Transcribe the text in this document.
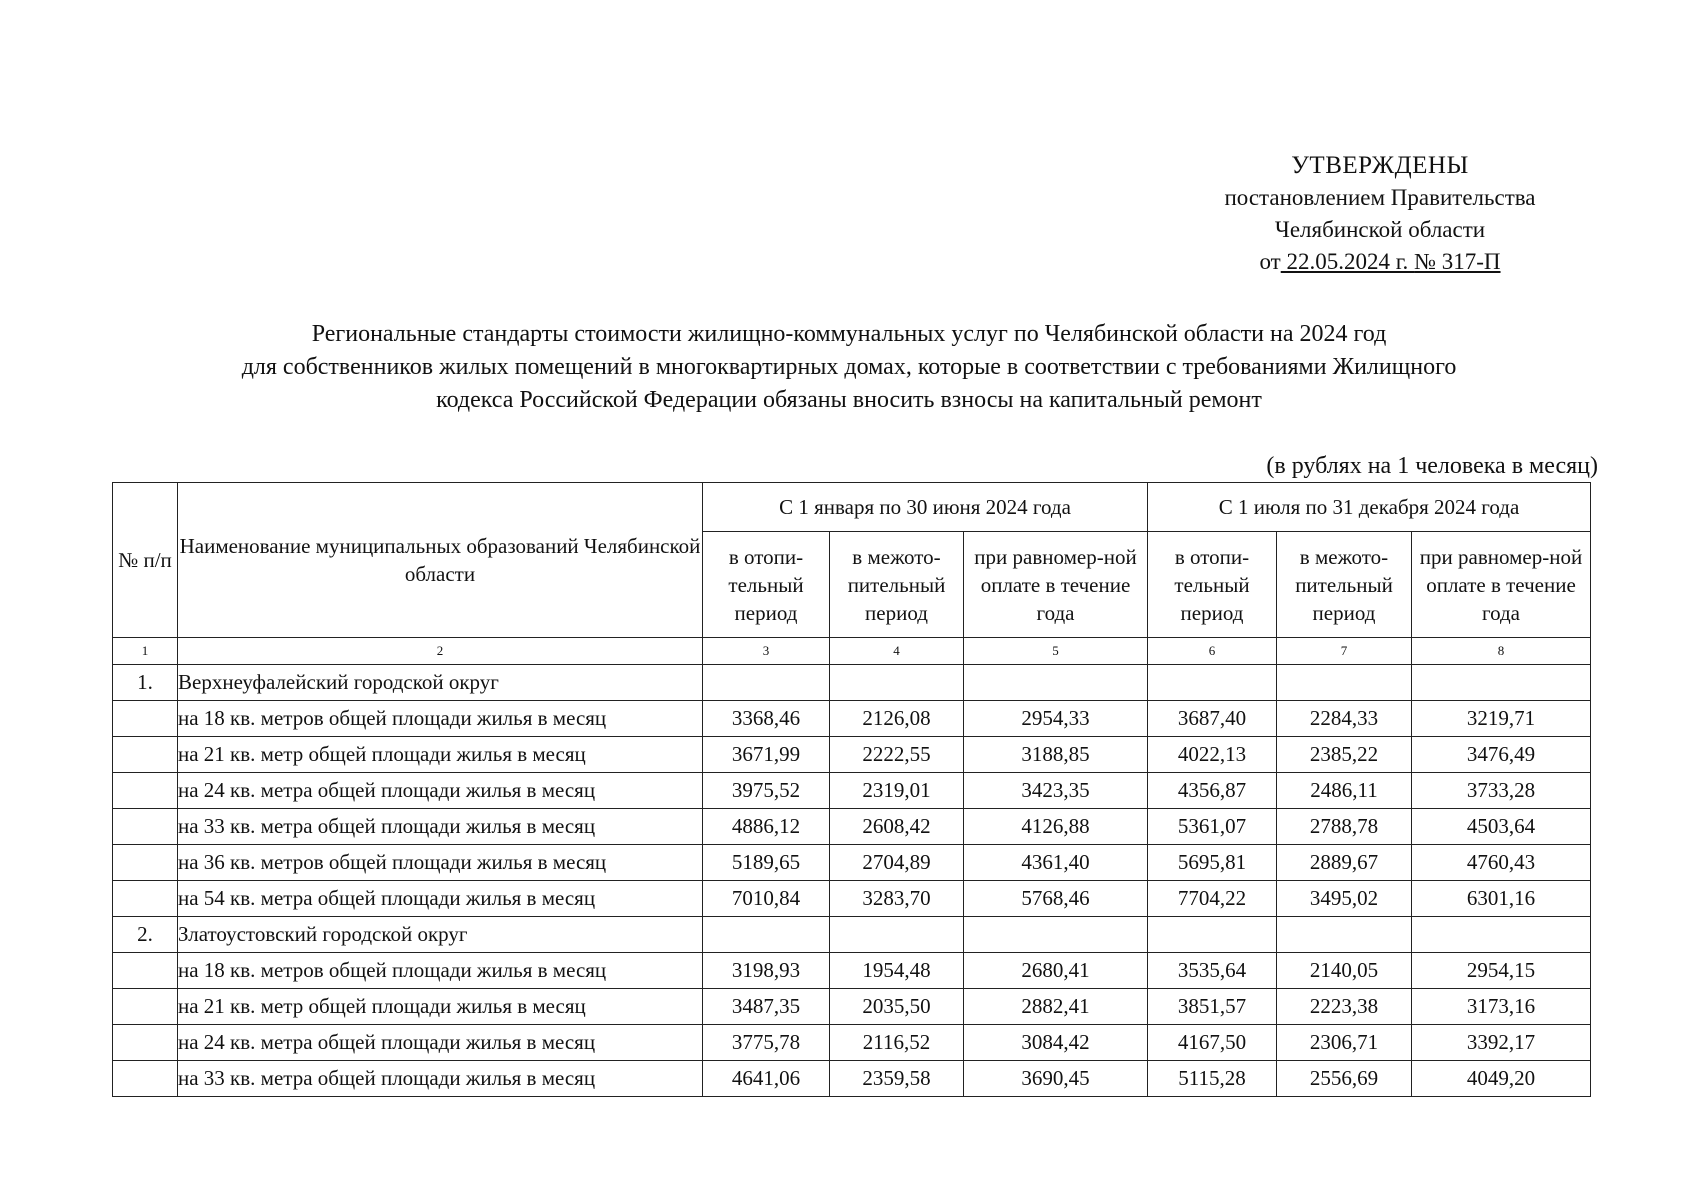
УТВЕРЖДЕНЫ
постановлением Правительства
Челябинской области
от 22.05.2024 г. № 317-П
Региональные стандарты стоимости жилищно-коммунальных услуг по Челябинской области на 2024 год
для собственников жилых помещений в многоквартирных домах, которые в соответствии с требованиями Жилищного
кодекса Российской Федерации обязаны вносить взносы на капитальный ремонт
(в рублях на 1 человека в месяц)
№ п/п	Наименование муниципальных образований Челябинской области	С 1 января по 30 июня 2024 года			С 1 июля по 31 декабря 2024 года		
		в отопи-тельный период	в межото-пительный период	при равномер-ной оплате в течение года	в отопи-тельный период	в межото-пительный период	при равномер-ной оплате в течение года
1	2	3	4	5	6	7	8
1.	Верхнеуфалейский городской округ						
	на 18 кв. метров общей площади жилья в месяц	3368,46	2126,08	2954,33	3687,40	2284,33	3219,71
	на 21 кв. метр общей площади жилья в месяц	3671,99	2222,55	3188,85	4022,13	2385,22	3476,49
	на 24 кв. метра общей площади жилья в месяц	3975,52	2319,01	3423,35	4356,87	2486,11	3733,28
	на 33 кв. метра общей площади жилья в месяц	4886,12	2608,42	4126,88	5361,07	2788,78	4503,64
	на 36 кв. метров общей площади жилья в месяц	5189,65	2704,89	4361,40	5695,81	2889,67	4760,43
	на 54 кв. метра общей площади жилья в месяц	7010,84	3283,70	5768,46	7704,22	3495,02	6301,16
2.	Златоустовский городской округ						
	на 18 кв. метров общей площади жилья в месяц	3198,93	1954,48	2680,41	3535,64	2140,05	2954,15
	на 21 кв. метр общей площади жилья в месяц	3487,35	2035,50	2882,41	3851,57	2223,38	3173,16
	на 24 кв. метра общей площади жилья в месяц	3775,78	2116,52	3084,42	4167,50	2306,71	3392,17
	на 33 кв. метра общей площади жилья в месяц	4641,06	2359,58	3690,45	5115,28	2556,69	4049,20
